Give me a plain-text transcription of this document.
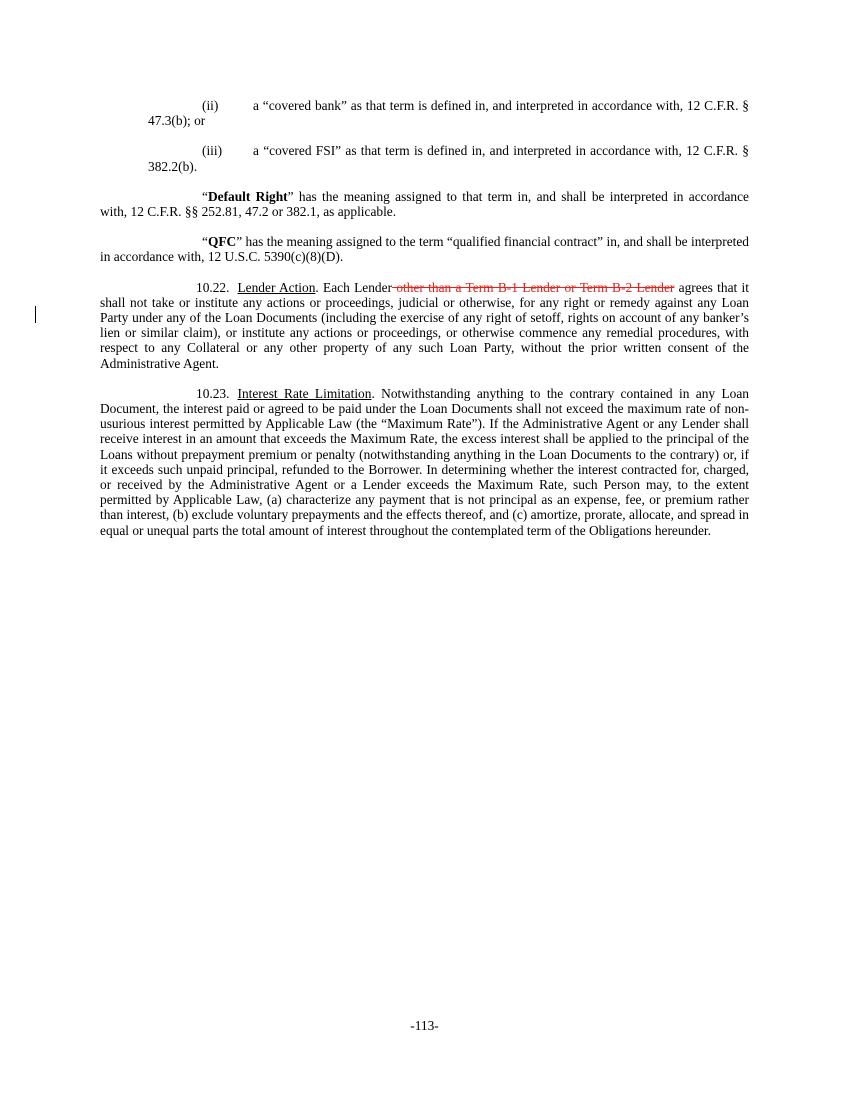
(ii)	a “covered bank” as that term is defined in, and interpreted in accordance with, 12 C.F.R. § 47.3(b); or

(iii) a “covered FSI” as that term is defined in, and interpreted in accordance with, 12 C.F.R. § 382.2(b).

“Default Right” has the meaning assigned to that term in, and shall be interpreted in accordance with, 12 C.F.R. §§ 252.81, 47.2 or 382.1, as applicable.

“QFC” has the meaning assigned to the term “qualified financial contract” in, and shall be interpreted in accordance with, 12 U.S.C. 5390(c)(8)(D).

10.22. Lender Action. Each Lender other than a Term B-1 Lender or Term B-2 Lender agrees that it shall not take or institute any actions or proceedings, judicial or otherwise, for any right or remedy against any Loan Party under any of the Loan Documents (including the exercise of any right of setoff, rights on account of any banker’s lien or similar claim), or institute any actions or proceedings, or otherwise commence any remedial procedures, with respect to any Collateral or any other property of any such Loan Party, without the prior written consent of the Administrative Agent.

10.23. Interest Rate Limitation. Notwithstanding anything to the contrary contained in any Loan Document, the interest paid or agreed to be paid under the Loan Documents shall not exceed the maximum rate of non-usurious interest permitted by Applicable Law (the “Maximum Rate”). If the Administrative Agent or any Lender shall receive interest in an amount that exceeds the Maximum Rate, the excess interest shall be applied to the principal of the Loans without prepayment premium or penalty (notwithstanding anything in the Loan Documents to the contrary) or, if it exceeds such unpaid principal, refunded to the Borrower. In determining whether the interest contracted for, charged, or received by the Administrative Agent or a Lender exceeds the Maximum Rate, such Person may, to the extent permitted by Applicable Law, (a) characterize any payment that is not principal as an expense, fee, or premium rather than interest, (b) exclude voluntary prepayments and the effects thereof, and (c) amortize, prorate, allocate, and spread in equal or unequal parts the total amount of interest throughout the contemplated term of the Obligations hereunder.

-113-
